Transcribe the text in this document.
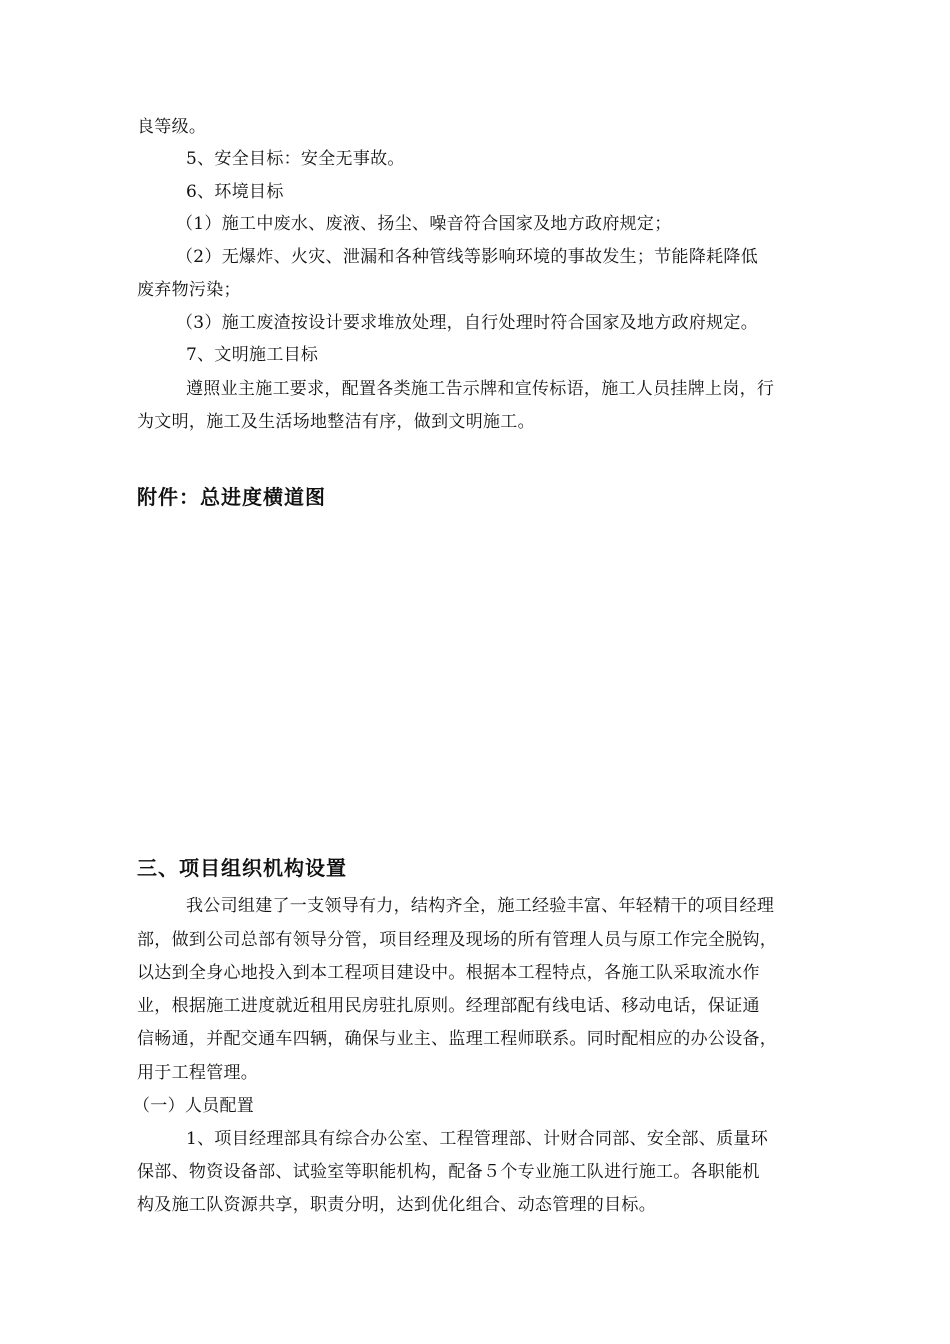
良等级。
5、安全目标：安全无事故。
6、环境目标
（1）施工中废水、废液、扬尘、噪音符合国家及地方政府规定；
（2）无爆炸、火灾、泄漏和各种管线等影响环境的事故发生；节能降耗降低
废弃物污染；
（3）施工废渣按设计要求堆放处理，自行处理时符合国家及地方政府规定。
7、文明施工目标
遵照业主施工要求，配置各类施工告示牌和宣传标语，施工人员挂牌上岗，行
为文明，施工及生活场地整洁有序，做到文明施工。
附件：总进度横道图
三、项目组织机构设置
我公司组建了一支领导有力，结构齐全，施工经验丰富、年轻精干的项目经理
部，做到公司总部有领导分管，项目经理及现场的所有管理人员与原工作完全脱钩，
以达到全身心地投入到本工程项目建设中。根据本工程特点，各施工队采取流水作
业，根据施工进度就近租用民房驻扎原则。经理部配有线电话、移动电话，保证通
信畅通，并配交通车四辆，确保与业主、监理工程师联系。同时配相应的办公设备，
用于工程管理。
（一）人员配置
1、项目经理部具有综合办公室、工程管理部、计财合同部、安全部、质量环
保部、物资设备部、试验室等职能机构，配备５个专业施工队进行施工。各职能机
构及施工队资源共享，职责分明，达到优化组合、动态管理的目标。
